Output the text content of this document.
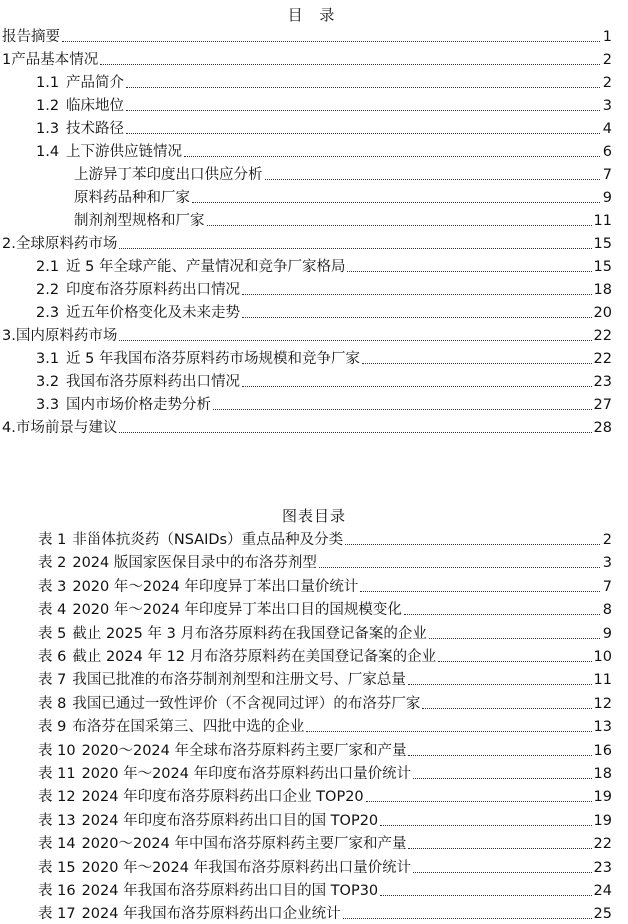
目 录
报告摘要	1
1 产品基本情况	2
1.1 产品简介	2
1.2 临床地位	3
1.3 技术路径	4
1.4 上下游供应链情况	6
上游异丁苯印度出口供应分析	7
原料药品种和厂家	9
制剂剂型规格和厂家	11
2. 全球原料药市场	15
2.1 近 5 年全球产能、产量情况和竞争厂家格局	15
2.2 印度布洛芬原料药出口情况	18
2.3 近五年价格变化及未来走势	20
3. 国内原料药市场	22
3.1 近 5 年我国布洛芬原料药市场规模和竞争厂家	22
3.2 我国布洛芬原料药出口情况	23
3.3 国内市场价格走势分析	27
4. 市场前景与建议	28
图表目录
表 1 非甾体抗炎药（NSAIDs）重点品种及分类	2
表 2 2024 版国家医保目录中的布洛芬剂型	3
表 3 2020 年～2024 年印度异丁苯出口量价统计	7
表 4 2020 年～2024 年印度异丁苯出口目的国规模变化	8
表 5 截止 2025 年 3 月布洛芬原料药在我国登记备案的企业	9
表 6 截止 2024 年 12 月布洛芬原料药在美国登记备案的企业	10
表 7 我国已批准的布洛芬制剂剂型和注册文号、厂家总量	11
表 8 我国已通过一致性评价（不含视同过评）的布洛芬厂家	12
表 9 布洛芬在国采第三、四批中选的企业	13
表 10 2020～2024 年全球布洛芬原料药主要厂家和产量	16
表 11 2020 年～2024 年印度布洛芬原料药出口量价统计	18
表 12 2024 年印度布洛芬原料药出口企业 TOP20	19
表 13 2024 年印度布洛芬原料药出口目的国 TOP20	19
表 14 2020～2024 年中国布洛芬原料药主要厂家和产量	22
表 15 2020 年～2024 年我国布洛芬原料药出口量价统计	23
表 16 2024 年我国布洛芬原料药出口目的国 TOP30	24
表 17 2024 年我国布洛芬原料药出口企业统计	25
